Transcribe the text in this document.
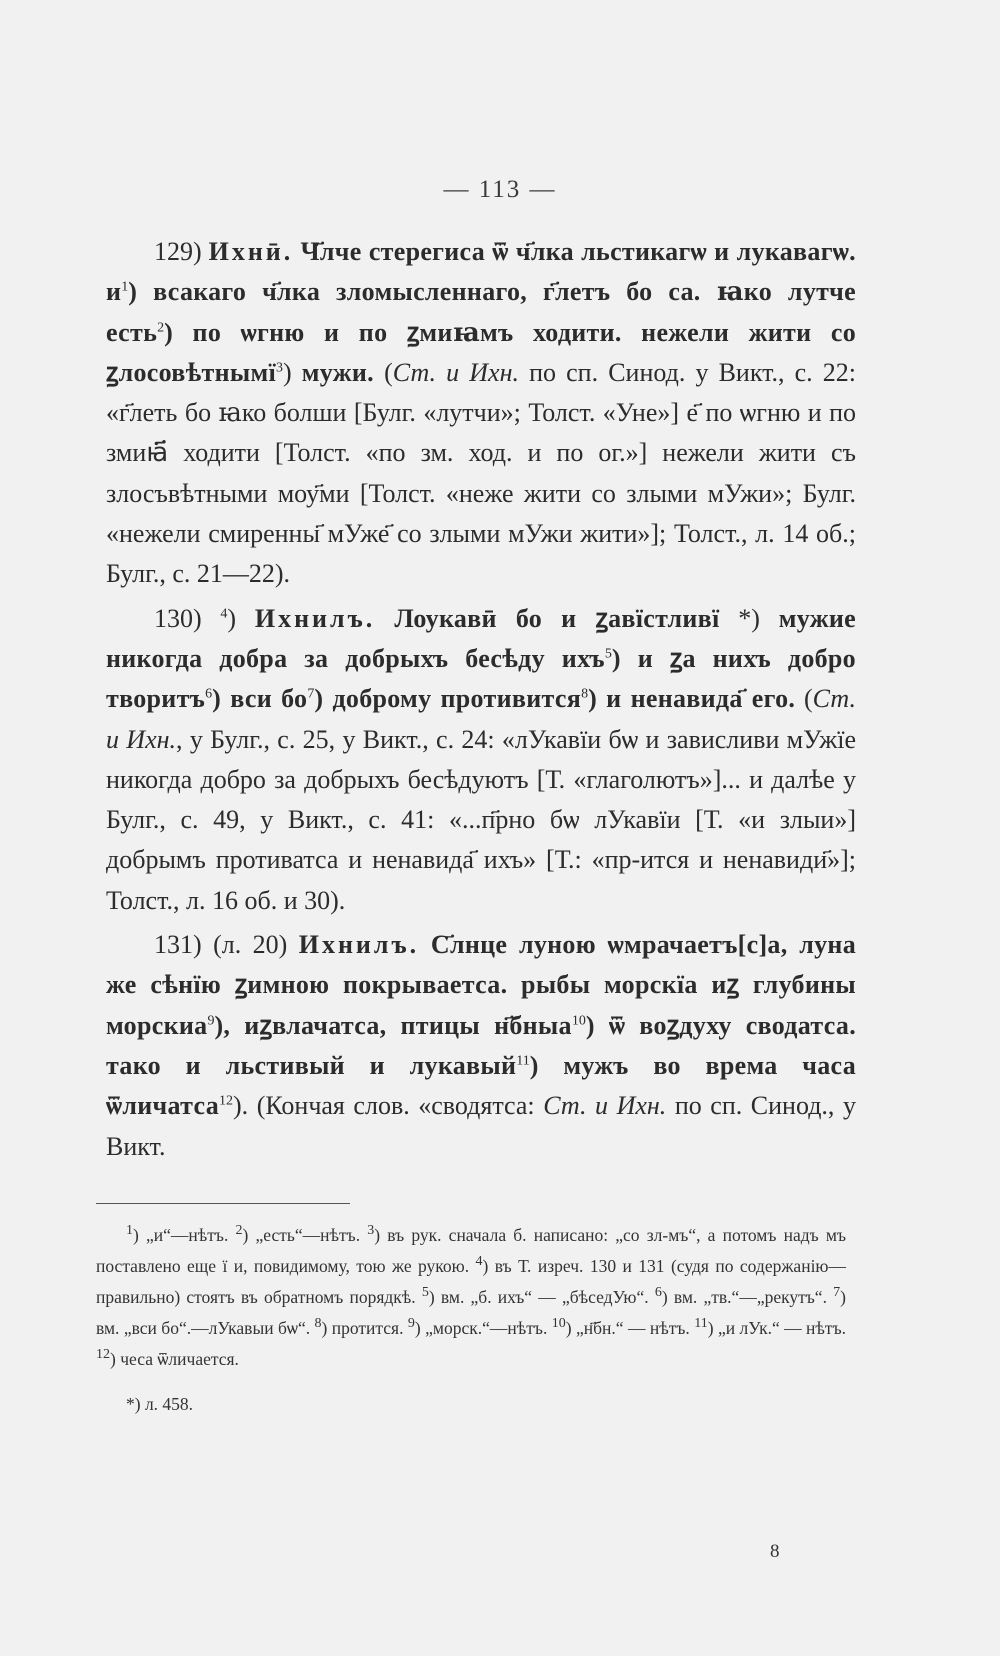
— 113 —

129) Ихнӣ. Ч҃лче стерегиса ѿ ч҃лка льстикагѡ и лукавагѡ. и$^1$) всакаго ч҃лка зломысленнаго, г҃летъ бо са. ꙗко лутче есть$^2$) по ѡгню и по ꙁмиꙗмъ ходити. нежели жити со ꙁлосовѣтнымї$^3$) мужи. (Ст. и Ихн. по сп. Синод. у Викт., с. 22: «г҃леть бо ꙗко болши [Булг. «лутчи»; Толст. «Уне»] е҃ по ѡгню и по змиꙗ҃ ходити [Толст. «по зм. ход. и по ог.»] нежели жити съ злосъвѣтными моу҃ми [Толст. «неже жити со злыми мУжи»; Булг. «нежели смиренны҃ мУже҃ со злыми мУжи жити»]; Толст., л. 14 об.; Булг., с. 21—22).

130) $^4$) Ихнилъ. Лоукавӣ бо и ꙁавїстливї *) мужие никогда добра за добрыхъ бесѣду ихъ$^5$) и ꙁа нихъ добро творитъ$^6$) вси бо$^7$) доброму противится$^8$) и ненавида҃ его. (Ст. и Ихн., у Булг., с. 25, у Викт., с. 24: «лУкавїи бѡ и зависливи мУжїе никогда добро за добрыхъ бесѣдуютъ [Т. «глаголютъ»]... и далѣе у Булг., с. 49, у Викт., с. 41: «...п҃рно бѡ лУкавїи [Т. «и злыи»] добрымъ противатса и ненавида҃ ихъ» [Т.: «пр-ится и ненавиди҃»]; Толст., л. 16 об. и 30).

131) (л. 20) Ихнилъ. С҃лнце луною ѡмрачаетъ[с]а, луна же сѣнїю ꙁимною покрываетса. рыбы морскїа иꙁ глубины морскиа$^9$), иꙁвлачатса, птицы н҃бныа$^{10}$) ѿ воꙁдуху сводатса. тако и льстивый и лукавый$^{11}$) мужъ во врема часа ѿличатса$^{12}$). (Кончая слов. «сводятса: Ст. и Ихн. по сп. Синод., у Викт.

$^1$) „и“—нѣтъ. $^2$) „есть“—нѣтъ. $^3$) въ рук. сначала б. написано: „со зл-мъ“, а потомъ надъ мъ поставлено еще ї и, повидимому, тою же рукою. $^4$) въ Т. изреч. 130 и 131 (судя по содержанію—правильно) стоятъ въ обратномъ порядкѣ. $^5$) вм. „б. ихъ“ — „бѣседУю“. $^6$) вм. „тв.“—„рекутъ“. $^7$) вм. „вси бо“.—лУкавыи бѡ“. $^8$) протится. $^9$) „морск.“—нѣтъ. $^{10}$) „н҃бн.“ — нѣтъ. $^{11}$) „и лУк.“ — нѣтъ. $^{12}$) чеса ѿличается.

*) л. 458.
8
